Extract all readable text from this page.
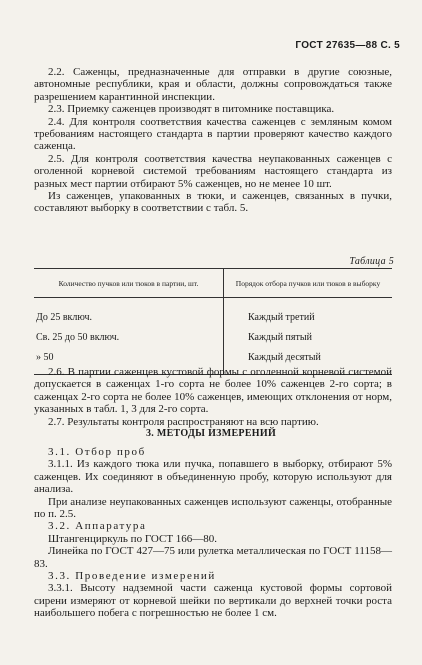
ГОСТ 27635—88 С. 5

2.2. Саженцы, предназначенные для отправки в другие союзные, автономные республики, края и области, должны сопровождаться также разрешением карантинной инспекции.

2.3. Приемку саженцев производят в питомнике поставщика.

2.4. Для контроля соответствия качества саженцев с земляным комом требованиям настоящего стандарта в партии проверяют качество каждого саженца.

2.5. Для контроля соответствия качества неупакованных саженцев с оголенной корневой системой требованиям настоящего стандарта из разных мест партии отбирают 5% саженцев, но не менее 10 шт.

Из саженцев, упакованных в тюки, и саженцев, связанных в пучки, составляют выборку в соответствии с табл. 5.

Таблица 5
Количество пучков или тюков в партии, шт.	Порядок отбора пучков или тюков в выборку
До 25 включ.
Св. 25 до 50 включ.
» 50
Каждый третий
Каждый пятый
Каждый десятый

2.6. В партии саженцев кустовой формы с оголенной корневой системой допускается в саженцах 1-го сорта не более 10% саженцев 2-го сорта; в саженцах 2-го сорта не более 10% саженцев, имеющих отклонения от норм, указанных в табл. 1, 3 для 2-го сорта.

2.7. Результаты контроля распространяют на всю партию.

3. МЕТОДЫ ИЗМЕРЕНИЙ

3.1. Отбор проб

3.1.1. Из каждого тюка или пучка, попавшего в выборку, отбирают 5% саженцев. Их соединяют в объединенную пробу, которую используют для анализа.

При анализе неупакованных саженцев используют саженцы, отобранные по п. 2.5.

3.2. Аппаратура

Штангенциркуль по ГОСТ 166—80.

Линейка по ГОСТ 427—75 или рулетка металлическая по ГОСТ 11158—83.

3.3. Проведение измерений

3.3.1. Высоту надземной части саженца кустовой формы сортовой сирени измеряют от корневой шейки по вертикали до верхней точки роста наибольшего побега с погрешностью не более 1 см.
